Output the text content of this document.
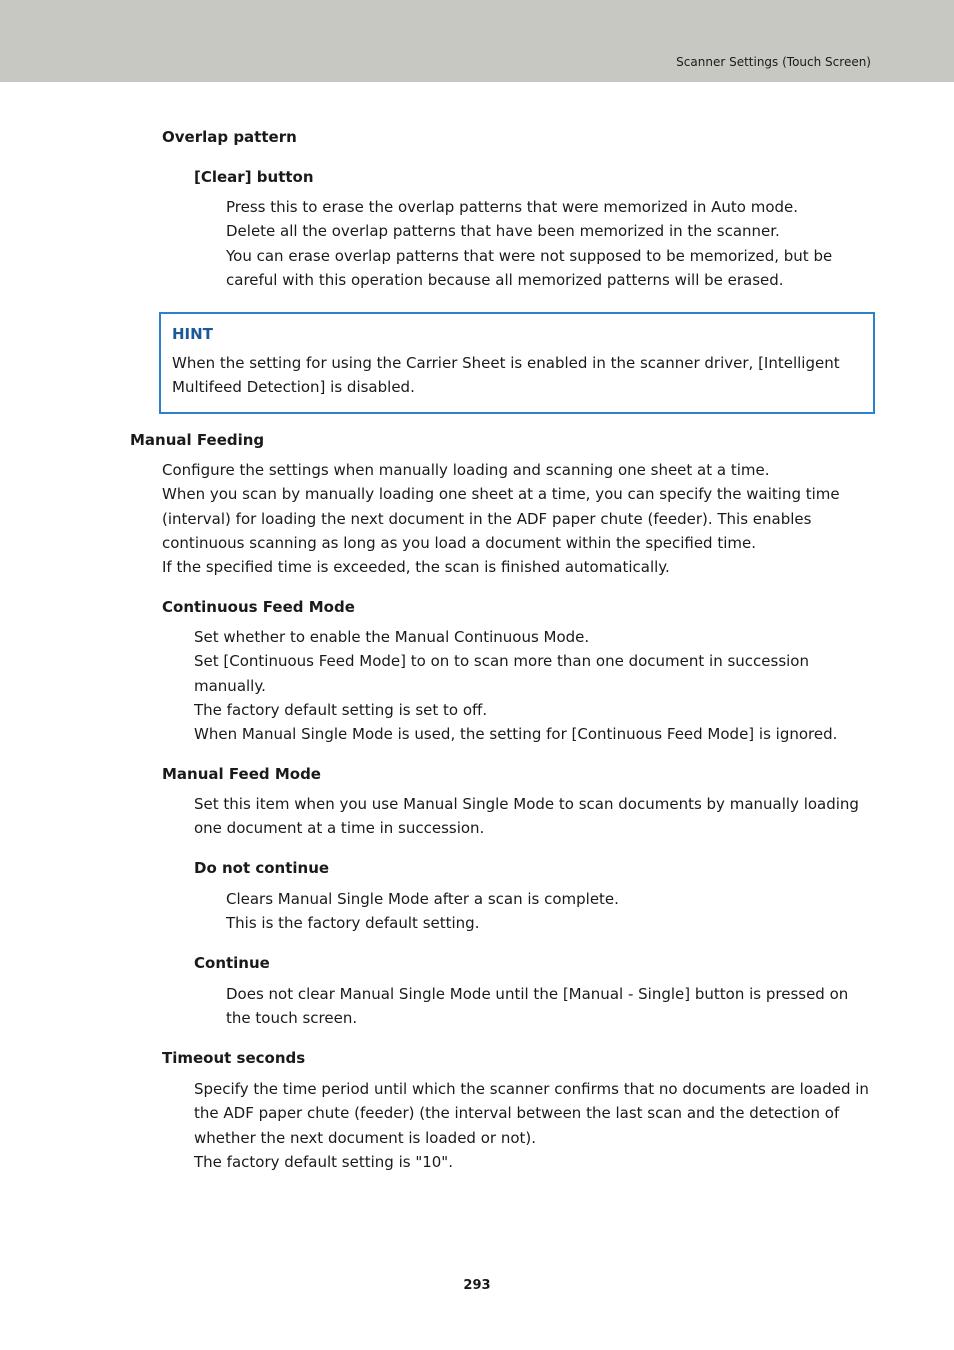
Scanner Settings (Touch Screen)
Overlap pattern
[Clear] button
Press this to erase the overlap patterns that were memorized in Auto mode.
Delete all the overlap patterns that have been memorized in the scanner.
You can erase overlap patterns that were not supposed to be memorized, but be
careful with this operation because all memorized patterns will be erased.
HINT
When the setting for using the Carrier Sheet is enabled in the scanner driver, [Intelligent
Multifeed Detection] is disabled.
Manual Feeding
Configure the settings when manually loading and scanning one sheet at a time.
When you scan by manually loading one sheet at a time, you can specify the waiting time
(interval) for loading the next document in the ADF paper chute (feeder). This enables
continuous scanning as long as you load a document within the specified time.
If the specified time is exceeded, the scan is finished automatically.
Continuous Feed Mode
Set whether to enable the Manual Continuous Mode.
Set [Continuous Feed Mode] to on to scan more than one document in succession
manually.
The factory default setting is set to off.
When Manual Single Mode is used, the setting for [Continuous Feed Mode] is ignored.
Manual Feed Mode
Set this item when you use Manual Single Mode to scan documents by manually loading
one document at a time in succession.
Do not continue
Clears Manual Single Mode after a scan is complete.
This is the factory default setting.
Continue
Does not clear Manual Single Mode until the [Manual - Single] button is pressed on
the touch screen.
Timeout seconds
Specify the time period until which the scanner confirms that no documents are loaded in
the ADF paper chute (feeder) (the interval between the last scan and the detection of
whether the next document is loaded or not).
The factory default setting is "10".
293
